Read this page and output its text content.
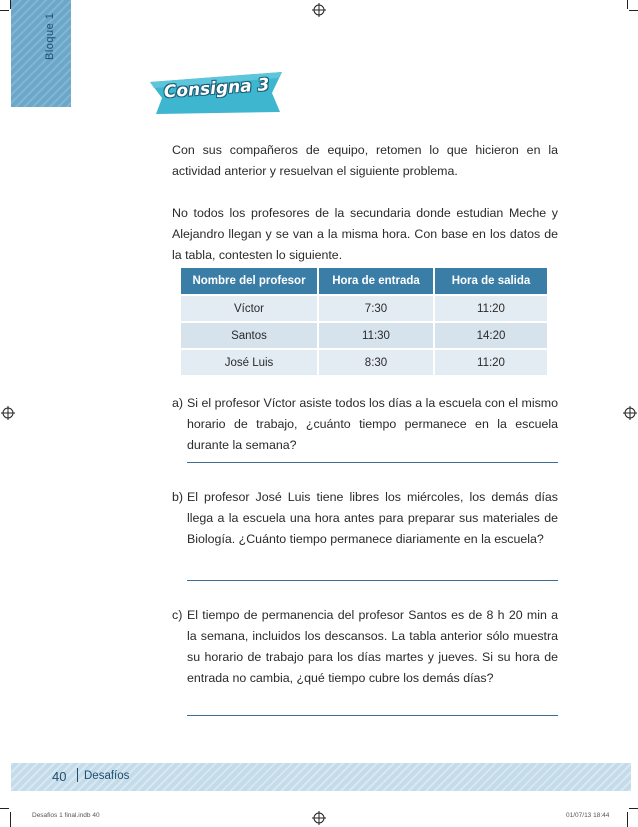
Bloque 1
Consigna 3

Con sus compañeros de equipo, retomen lo que hicieron en la actividad anterior y resuelvan el siguiente problema.

No todos los profesores de la secundaria donde estudian Meche y Alejandro llegan y se van a la misma hora. Con base en los datos de la tabla, contesten lo siguiente.

Nombre del profesor	Hora de entrada	Hora de salida
Víctor	7:30	11:20
Santos	11:30	14:20
José Luis	8:30	11:20
a) Si el profesor Víctor asiste todos los días a la escuela con el mismo horario de trabajo, ¿cuánto tiempo permanece en la escuela durante la semana?
b) El profesor José Luis tiene libres los miércoles, los demás días llega a la escuela una hora antes para preparar sus materiales de Biología. ¿Cuánto tiempo permanece diariamente en la escuela?
c) El tiempo de permanencia del profesor Santos es de 8 h 20 min a la semana, incluidos los descansos. La tabla anterior sólo muestra su horario de trabajo para los días martes y jueves. Si su hora de entrada no cambia, ¿qué tiempo cubre los demás días?
40 Desafíos
Desafios 1 final.indb 40	01/07/13 18:44
